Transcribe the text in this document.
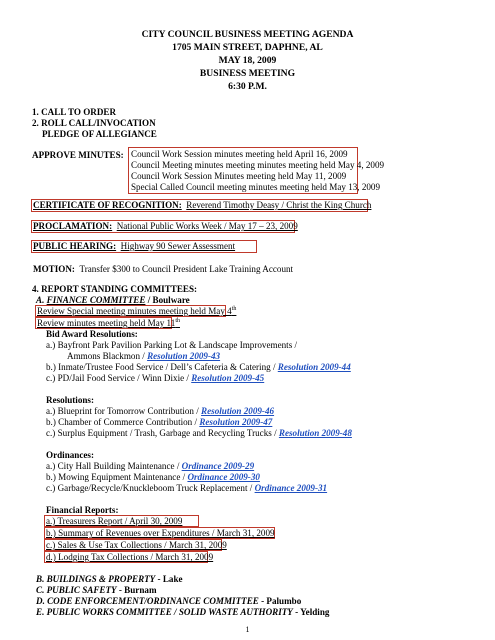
CITY COUNCIL BUSINESS MEETING AGENDA
1705 MAIN STREET, DAPHNE, AL
MAY 18, 2009
BUSINESS MEETING
6:30 P.M.
1. CALL TO ORDER
2. ROLL CALL/INVOCATION
PLEDGE OF ALLEGIANCE
APPROVE MINUTES: Council Work Session minutes meeting held April 16, 2009
Council Meeting minutes meeting minutes meeting held May 4, 2009
Council Work Session Minutes meeting held May 11, 2009
Special Called Council meeting minutes meeting held May 13, 2009
CERTIFICATE OF RECOGNITION: Reverend Timothy Deasy / Christ the King Church
PROCLAMATION: National Public Works Week / May 17 – 23, 2009
PUBLIC HEARING: Highway 90 Sewer Assessment
MOTION: Transfer $300 to Council President Lake Training Account
4. REPORT STANDING COMMITTEES:
A. FINANCE COMMITTEE / Boulware
Review Special meeting minutes meeting held May 4th
Review minutes meeting held May 11th
Bid Award Resolutions:
a.) Bayfront Park Pavilion Parking Lot & Landscape Improvements /
Ammons Blackmon / Resolution 2009-43
b.) Inmate/Trustee Food Service / Dell’s Cafeteria & Catering / Resolution 2009-44
c.) PD/Jail Food Service / Winn Dixie / Resolution 2009-45
Resolutions:
a.) Blueprint for Tomorrow Contribution / Resolution 2009-46
b.) Chamber of Commerce Contribution / Resolution 2009-47
c.) Surplus Equipment / Trash, Garbage and Recycling Trucks / Resolution 2009-48
Ordinances:
a.) City Hall Building Maintenance / Ordinance 2009-29
b.) Mowing Equipment Maintenance / Ordinance 2009-30
c.) Garbage/Recycle/Knuckleboom Truck Replacement / Ordinance 2009-31
Financial Reports:
a.) Treasurers Report / April 30, 2009
b.) Summary of Revenues over Expenditures / March 31, 2009
c.) Sales & Use Tax Collections / March 31, 2009
d.) Lodging Tax Collections / March 31, 2009
B. BUILDINGS & PROPERTY - Lake
C. PUBLIC SAFETY - Burnam
D. CODE ENFORCEMENT/ORDINANCE COMMITTEE - Palumbo
E. PUBLIC WORKS COMMITTEE / SOLID WASTE AUTHORITY - Yelding
1
